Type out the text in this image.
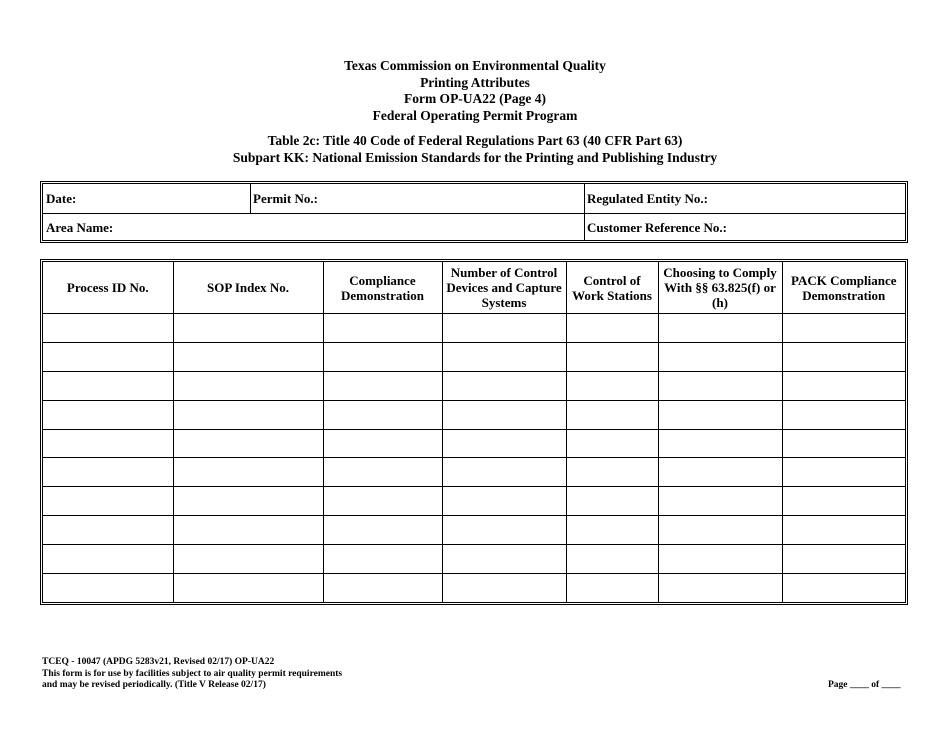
Texas Commission on Environmental Quality
Printing Attributes
Form OP-UA22 (Page 4)
Federal Operating Permit Program
Table 2c: Title 40 Code of Federal Regulations Part 63 (40 CFR Part 63)
Subpart KK: National Emission Standards for the Printing and Publishing Industry
Date:	Permit No.:	Regulated Entity No.:
Area Name:	Customer Reference No.:
Process ID No.	SOP Index No.	Compliance Demonstration	Number of Control Devices and Capture Systems	Control of Work Stations	Choosing to Comply With §§ 63.825(f) or (h)	PACK Compliance Demonstration

TCEQ - 10047 (APDG 5283v21, Revised 02/17) OP-UA22
This form is for use by facilities subject to air quality permit requirements
and may be revised periodically. (Title V Release 02/17)	Page ____ of ____
